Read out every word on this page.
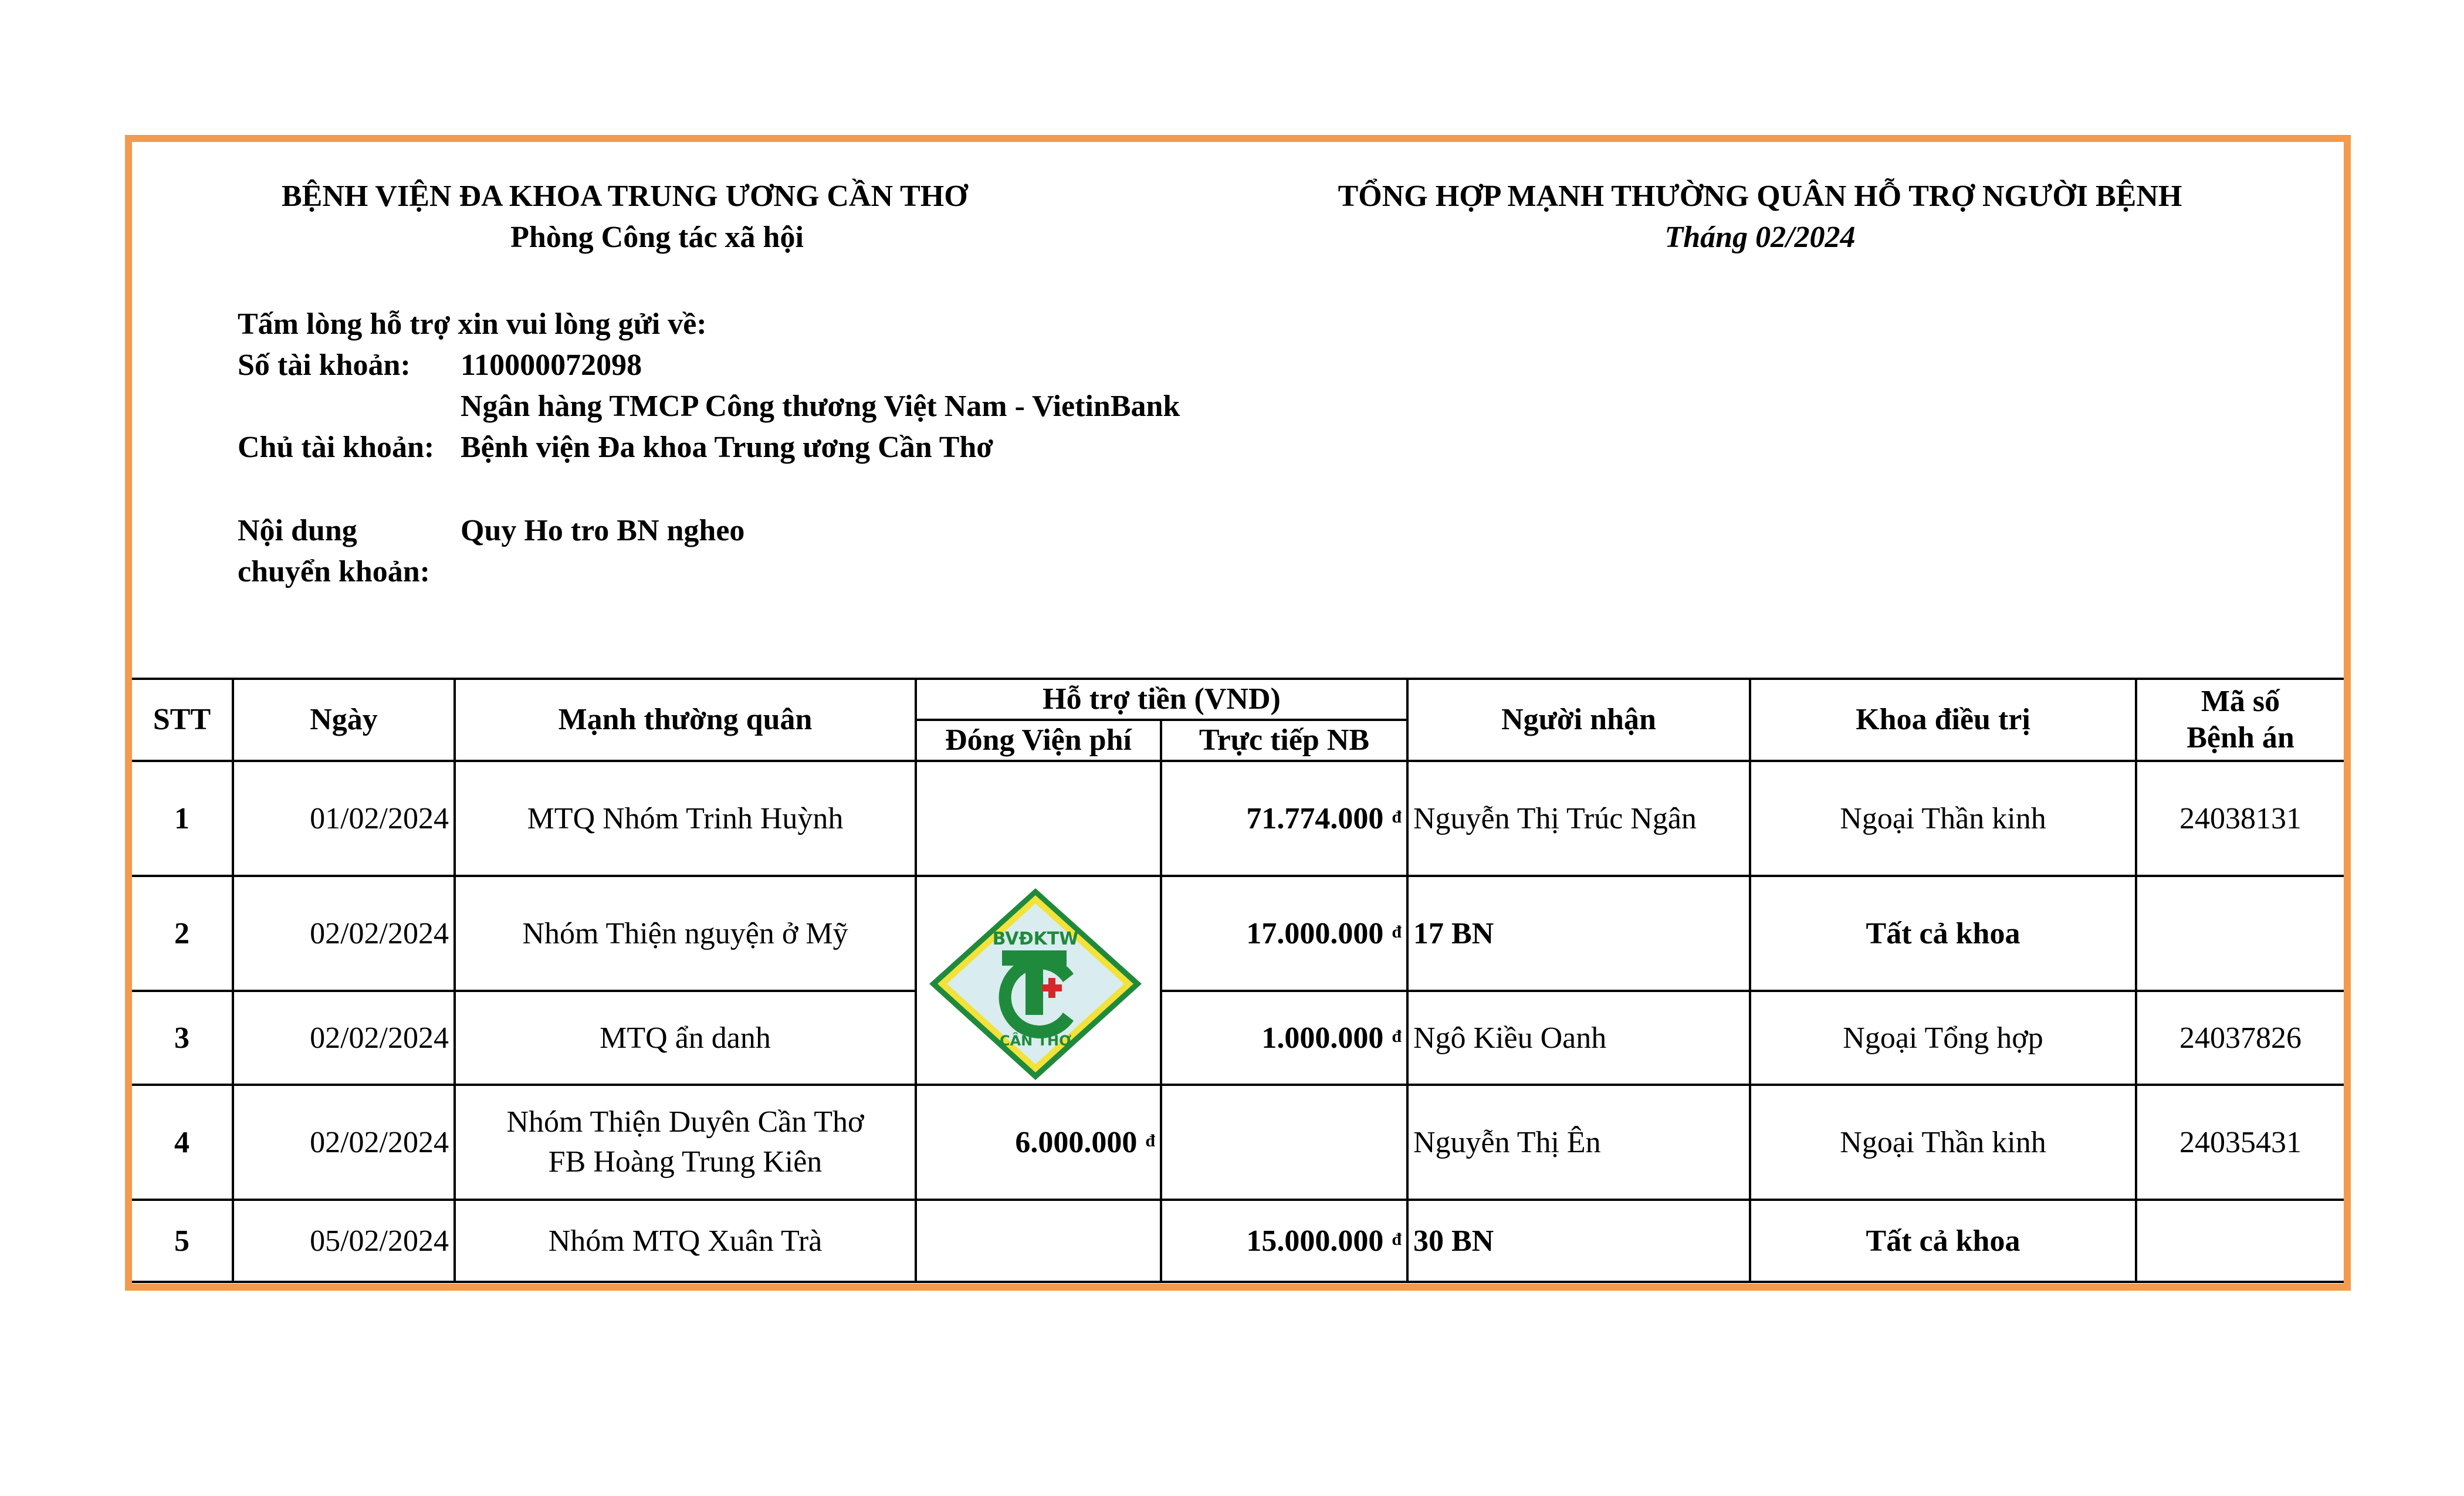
BỆNH VIỆN ĐA KHOA TRUNG ƯƠNG CẦN THƠ
Phòng Công tác xã hội
TỔNG HỢP MẠNH THƯỜNG QUÂN HỖ TRỢ NGƯỜI BỆNH
Tháng 02/2024
Tấm lòng hỗ trợ xin vui lòng gửi về:
Số tài khoản: 110000072098
Ngân hàng TMCP Công thương Việt Nam - VietinBank
Chủ tài khoản: Bệnh viện Đa khoa Trung ương Cần Thơ
Nội dung
chuyển khoản:
Quy Ho tro BN ngheo
STT	Ngày	Mạnh thường quân	Hỗ trợ tiền (VND)		Người nhận	Khoa điều trị	Mã số
Bệnh án
			Đóng Viện phí	Trực tiếp NB			
1	01/02/2024	MTQ Nhóm Trinh Huỳnh		71.774.000 đ	Nguyễn Thị Trúc Ngân	Ngoại Thần kinh	24038131
2	02/02/2024	Nhóm Thiện nguyện ở Mỹ		17.000.000 đ	17 BN	Tất cả khoa	
3	02/02/2024	MTQ ẩn danh		1.000.000 đ	Ngô Kiều Oanh	Ngoại Tổng hợp	24037826
4	02/02/2024	Nhóm Thiện Duyên Cần Thơ
FB Hoàng Trung Kiên	6.000.000 đ		Nguyễn Thị Ên	Ngoại Thần kinh	24035431
5	05/02/2024	Nhóm MTQ Xuân Trà		15.000.000 đ	30 BN	Tất cả khoa	
BVĐKTW
CẦN THƠ
